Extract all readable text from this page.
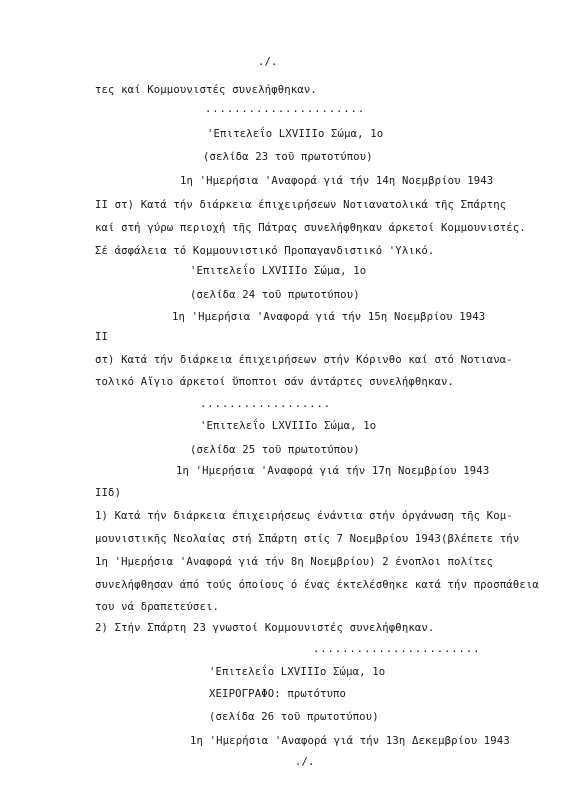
./.
τες καί Κομμουνιστές συνελήφθηκαν.
......................
'Επιτελεΐο LXVIIIο Σώμα, 1ο
(σελίδα 23 τοῦ πρωτοτύπου)
1η 'Ημερήσια 'Αναφορά γιά τήν 14η Νοεμβρίου 1943
II στ) Κατά τήν διάρκεια έπιχειρήσεων Νοτιανατολικά τῆς Σπάρτης
καί στή γύρω περιοχή τῆς Πάτρας συνελήφθηκαν άρκετοί Κομμουνιστές.
Σέ άσφάλεια τό Κομμουνιστικό Προπαγανδιστικό 'Υλικό.
'Επιτελεΐο LXVIIIο Σώμα, 1ο
(σελίδα 24 τοῦ πρωτοτύπου)
1η 'Ημερήσια 'Αναφορά γιά τήν 15η Νοεμβρίου 1943
II
στ) Κατά τήν διάρκεια έπιχειρήσεων στήν Κόρινθο καί στό Νοτιανα-
τολικό Αἴγιο άρκετοί ὕποπτοι σάν άντάρτες συνελήφθηκαν.
..................
'Επιτελεΐο LXVIIIο Σώμα, 1ο
(σελίδα 25 τοῦ πρωτοτύπου)
1η 'Ημερήσια 'Αναφορά γιά τήν 17η Νοεμβρίου 1943
IIδ)
1) Κατά τήν διάρκεια έπιχειρήσεως ένάντια στήν όργάνωση τῆς Κομ-
μουνιστικῆς Νεολαίας στή Σπάρτη στίς 7 Νοεμβρίου 1943(βλέπετε τήν
1η 'Ημερήσια 'Αναφορά γιά τήν 8η Νοεμβρίου) 2 ένοπλοι πολίτες
συνελήφθησαν άπό τούς όποίους ό ένας έκτελέσθηκε κατά τήν προσπάθεια
του νά δραπετεύσει.
2) Στήν Σπάρτη 23 γνωστοί Κομμουνιστές συνελήφθηκαν.
.......................
'Επιτελεΐο LXVIIIο Σώμα, 1ο
ΧΕΙΡΟΓΡΑΦΟ: πρωτότυπο
(σελίδα 26 τοῦ πρωτοτύπου)
1η 'Ημερήσια 'Αναφορά γιά τήν 13η Δεκεμβρίου 1943
./.
